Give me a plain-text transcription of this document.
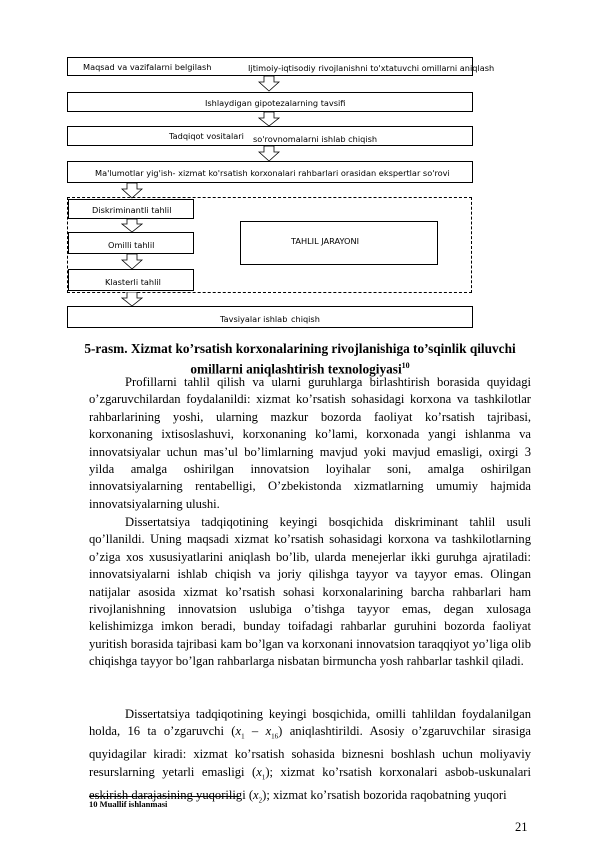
Maqsad va vazifalarni belgilash	Ijtimoiy-iqtisodiy rivojlanishni to'xtatuvchi omillarni aniqlash
Ishlaydigan gipotezalarning tavsifi
Tadqiqot vositalari so'rovnomalarni ishlab chiqish
Ma'lumotlar yig'ish- xizmat ko'rsatish korxonalari rahbarlari orasidan ekspertlar so'rovi
Diskriminantli tahlil
Omilli tahlil
Klasterli tahlil
TAHLIL JARAYONI
Tavsiyalar ishlab chiqish
5-rasm. Xizmat ko’rsatish korxonalarining rivojlanishiga to’sqinlik qiluvchi
omillarni aniqlashtirish texnologiyasi$^{10}$
Profillarni tahlil qilish va ularni guruhlarga birlashtirish borasida quyidagi o’zgaruvchilardan foydalanildi: xizmat ko’rsatish sohasidagi korxona va tashkilotlar rahbarlarining yoshi, ularning mazkur bozorda faoliyat ko’rsatish tajribasi, korxonaning ixtisoslashuvi, korxonaning ko’lami, korxonada yangi ishlanma va innovatsiyalar uchun mas’ul bo’limlarning mavjud yoki mavjud emasligi, oxirgi 3 yilda amalga oshirilgan innovatsion loyihalar soni, amalga oshirilgan innovatsiyalarning rentabelligi, O’zbekistonda xizmatlarning umumiy hajmida innovatsiyalarning ulushi.
Dissertatsiya tadqiqotining keyingi bosqichida diskriminant tahlil usuli qo’llanildi. Uning maqsadi xizmat ko’rsatish sohasidagi korxona va tashkilotlarning o’ziga xos xususiyatlarini aniqlash bo’lib, ularda menejerlar ikki guruhga ajratiladi: innovatsiyalarni ishlab chiqish va joriy qilishga tayyor va tayyor emas. Olingan natijalar asosida xizmat ko’rsatish sohasi korxonalarining barcha rahbarlari ham rivojlanishning innovatsion uslubiga o’tishga tayyor emas, degan xulosaga kelishimizga imkon beradi, bunday toifadagi rahbarlar guruhini bozorda faoliyat yuritish borasida tajribasi kam bo’lgan va korxonani innovatsion taraqqiyot yo’liga olib chiqishga tayyor bo’lgan rahbarlarga nisbatan birmuncha yosh rahbarlar tashkil qiladi.
Dissertatsiya tadqiqotining keyingi bosqichida, omilli tahlildan foydalanilgan holda, 16 ta o’zgaruvchi $(x_1 - x_{16})$ aniqlashtirildi. Asosiy o’zgaruvchilar sirasiga quyidagilar kiradi: xizmat ko’rsatish sohasida biznesni boshlash uchun moliyaviy resurslarning yetarli emasligi $(x_1)$; xizmat ko’rsatish korxonalari asbob-uskunalari eskirish darajasining yuqoriligi $(x_2)$; xizmat ko’rsatish bozorida raqobatning yuqori
10 Muallif ishlanmasi
21
